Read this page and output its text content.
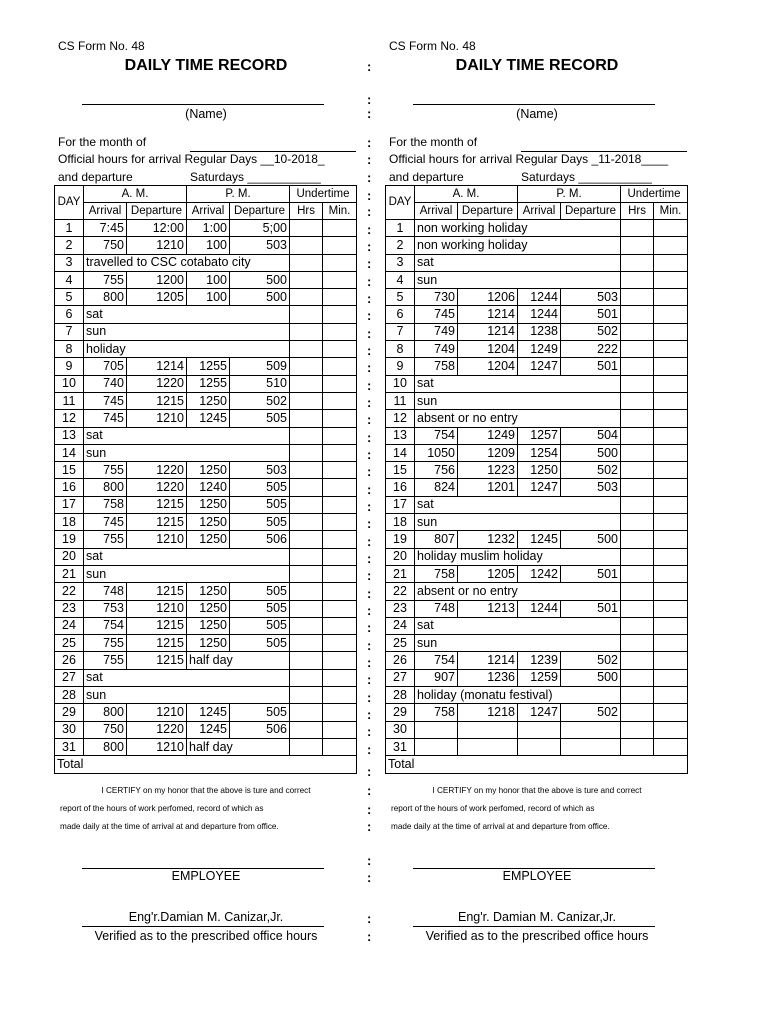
CS Form No. 48
DAILY TIME RECORD
(Name)
For the month of
Official hours for arrival Regular Days __10-2018_
and departure	Saturdays ___________
DAY	A. M.		P. M.		Undertime	
	Arrival	Departure	Arrival	Departure	Hrs	Min.
1	7:45	12:00	1:00	5;00		
2	750	1210	100	503		
3	travelled to CSC cotabato city					
4	755	1200	100	500		
5	800	1205	100	500		
6	sat					
7	sun					
8	holiday					
9	705	1214	1255	509		
10	740	1220	1255	510		
11	745	1215	1250	502		
12	745	1210	1245	505		
13	sat					
14	sun					
15	755	1220	1250	503		
16	800	1220	1240	505		
17	758	1215	1250	505		
18	745	1215	1250	505		
19	755	1210	1250	506		
20	sat					
21	sun					
22	748	1215	1250	505		
23	753	1210	1250	505		
24	754	1215	1250	505		
25	755	1215	1250	505		
26	755	1215	half day			
27	sat					
28	sun					
29	800	1210	1245	505		
30	750	1220	1245	506		
31	800	1210	half day			
Total						
I CERTIFY on my honor that the above is ture and correct
report of the hours of work perfomed, record of which as
made daily at the time of arrival at and departure from office.
EMPLOYEE
Eng'r.Damian M. Canizar,Jr.
Verified as to the prescribed office hours
CS Form No. 48
DAILY TIME RECORD
(Name)
For the month of
Official hours for arrival Regular Days _11-2018____
and departure	Saturdays ___________
DAY	A. M.		P. M.		Undertime	
	Arrival	Departure	Arrival	Departure	Hrs	Min.
1	non working holiday					
2	non working holiday					
3	sat					
4	sun					
5	730	1206	1244	503		
6	745	1214	1244	501		
7	749	1214	1238	502		
8	749	1204	1249	222		
9	758	1204	1247	501		
10	sat					
11	sun					
12	absent or no entry					
13	754	1249	1257	504		
14	1050	1209	1254	500		
15	756	1223	1250	502		
16	824	1201	1247	503		
17	sat					
18	sun					
19	807	1232	1245	500		
20	holiday muslim holiday					
21	758	1205	1242	501		
22	absent or no entry					
23	748	1213	1244	501		
24	sat					
25	sun					
26	754	1214	1239	502		
27	907	1236	1259	500		
28	holiday (monatu festival)					
29	758	1218	1247	502		
30						
31						
Total						
I CERTIFY on my honor that the above is ture and correct
report of the hours of work perfomed, record of which as
made daily at the time of arrival at and departure from office.
EMPLOYEE
Eng'r. Damian M. Canizar,Jr.
Verified as to the prescribed office hours
:
:
:
:
:
:
:
:
:
:
:
:
:
:
:
:
:
:
:
:
:
:
:
:
:
:
:
:
:
:
:
:
:
:
:
:
:
:
:
:
:
:
:
:
:
:
:
